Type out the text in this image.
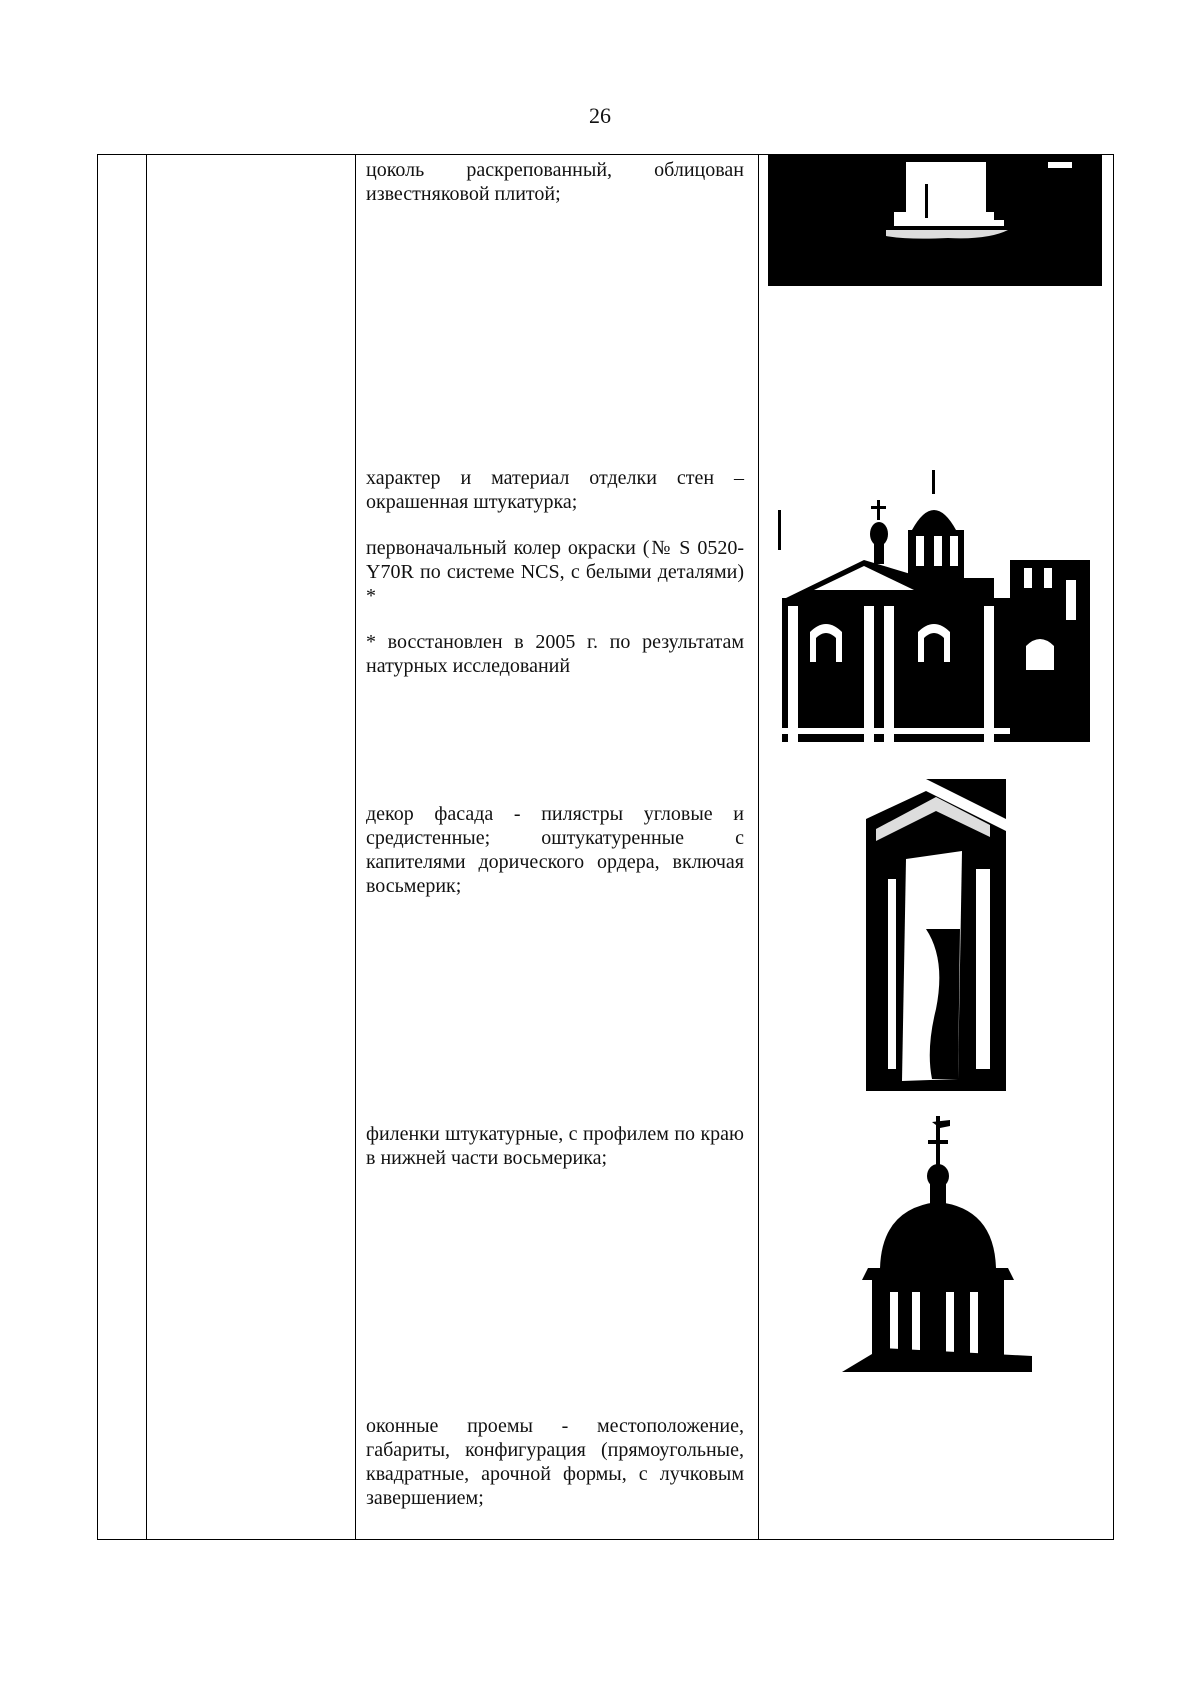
26

цоколь раскрепованный, облицован известняковой плитой;

характер и материал отделки стен – окрашенная штукатурка;

первоначальный колер окраски (№ S 0520-Y70R по системе NCS, с белыми деталями) *

* восстановлен в 2005 г. по результатам натурных исследований

декор фасада - пилястры угловые и средистенные; оштукатуренные с капителями дорического ордера, включая восьмерик;

филенки штукатурные, с профилем по краю в нижней части восьмерика;

оконные проемы - местоположение, габариты, конфигурация (прямоугольные, квадратные, арочной формы, с лучковым завершением;
